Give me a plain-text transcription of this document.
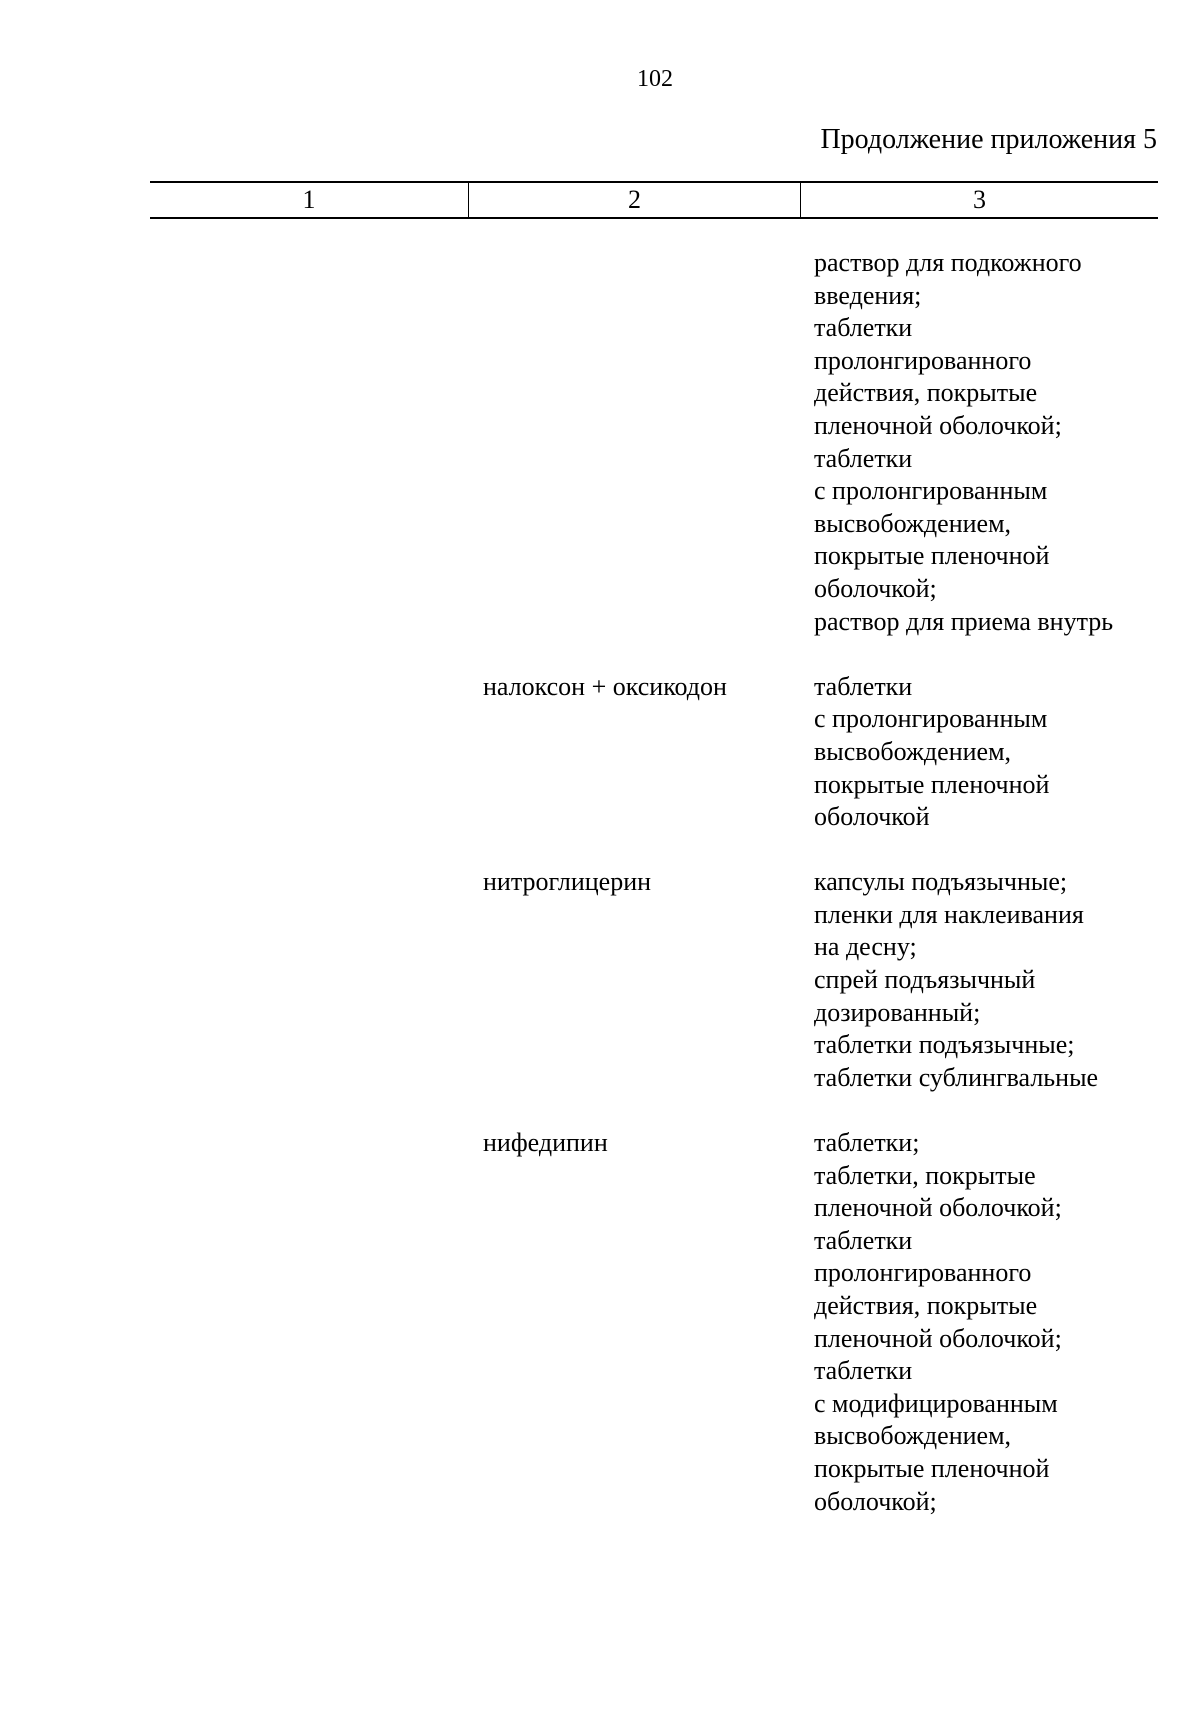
102
Продолжение приложения 5
1	2	3
раствор для подкожного
введения;
таблетки
пролонгированного
действия, покрытые
пленочной оболочкой;
таблетки
с пролонгированным
высвобождением,
покрытые пленочной
оболочкой;
раствор для приема внутрь
налоксон + оксикодон	таблетки
с пролонгированным
высвобождением,
покрытые пленочной
оболочкой
нитроглицерин	капсулы подъязычные;
пленки для наклеивания
на десну;
спрей подъязычный
дозированный;
таблетки подъязычные;
таблетки сублингвальные
нифедипин	таблетки;
таблетки, покрытые
пленочной оболочкой;
таблетки
пролонгированного
действия, покрытые
пленочной оболочкой;
таблетки
с модифицированным
высвобождением,
покрытые пленочной
оболочкой;
